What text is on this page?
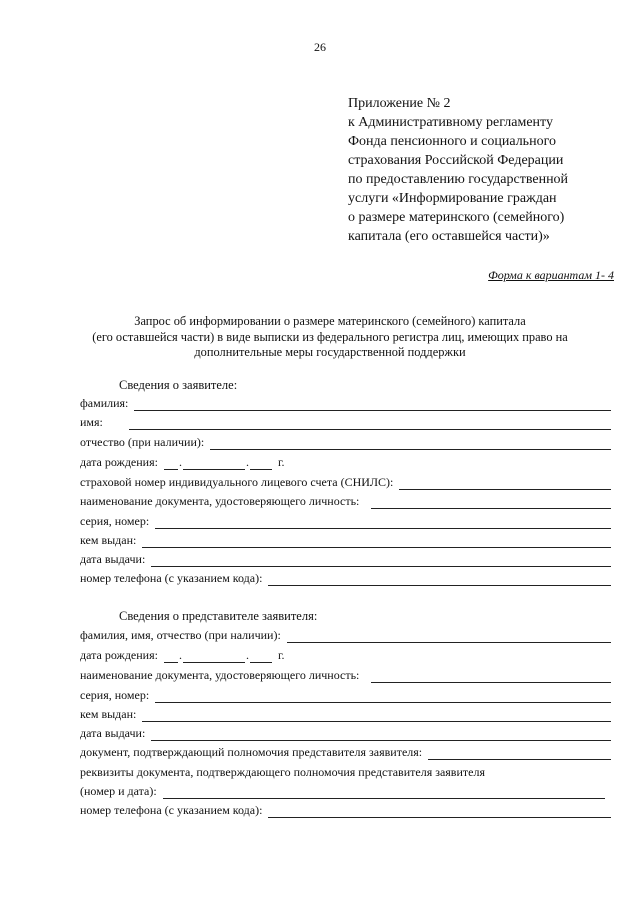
26
Приложение № 2
к Административному регламенту
Фонда пенсионного и социального
страхования Российской Федерации
по предоставлению государственной
услуги «Информирование граждан
о размере материнского (семейного)
капитала (его оставшейся части)»
Форма к вариантам 1- 4
Запрос об информировании о размере материнского (семейного) капитала
(его оставшейся части) в виде выписки из федерального регистра лиц, имеющих право на
дополнительные меры государственной поддержки
Сведения о заявителе:
фамилия:
имя:
отчество (при наличии):
дата рождения: .	. г.
страховой номер индивидуального лицевого счета (СНИЛС):
наименование документа, удостоверяющего личность:
серия, номер:
кем выдан:
дата выдачи:
номер телефона (с указанием кода):
Сведения о представителе заявителя:
фамилия, имя, отчество (при наличии):
дата рождения: .	. г.
наименование документа, удостоверяющего личность:
серия, номер:
кем выдан:
дата выдачи:
документ, подтверждающий полномочия представителя заявителя:
реквизиты документа, подтверждающего полномочия представителя заявителя
(номер и дата):
номер телефона (с указанием кода):
